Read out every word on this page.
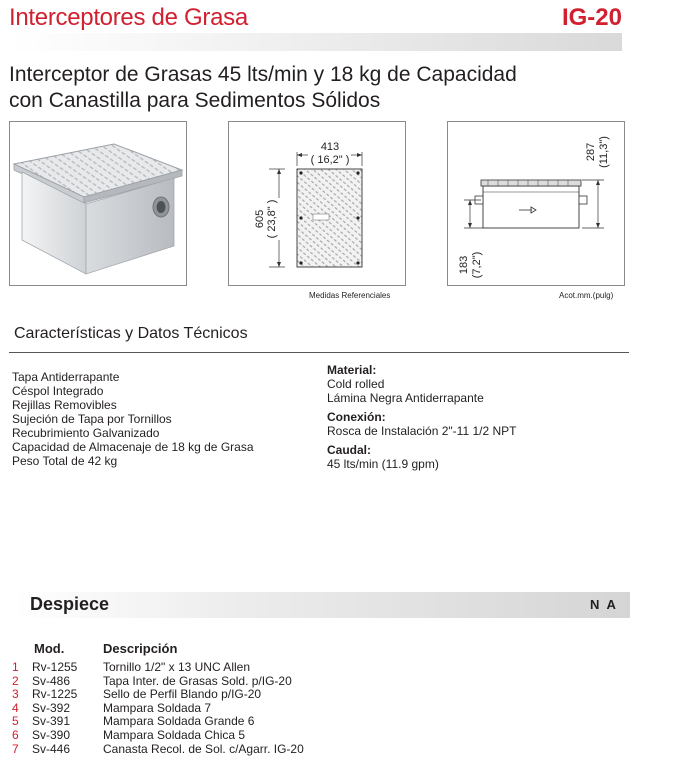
Interceptores de Grasa	IG-20
Interceptor de Grasas 45 lts/min y 18 kg de Capacidad
con Canastilla para Sedimentos Sólidos
413
( 16,2" )
605 ( 23,8" )
Medidas Referenciales
287 (11,3")
183 (7,2")
Acot.mm.(pulg)
Características y Datos Técnicos
Tapa Antiderrapante
Céspol Integrado
Rejillas Removibles
Sujeción de Tapa por Tornillos
Recubrimiento Galvanizado
Capacidad de Almacenaje de 18 kg de Grasa
Peso Total de 42 kg
Material:
Cold rolled
Lámina Negra Antiderrapante
Conexión:
Rosca de Instalación 2"-11 1/2 NPT
Caudal:
45 lts/min (11.9 gpm)
Despiece	N A
Mod.	Descripción
1	Rv-1255 Tornillo 1/2" x 13 UNC Allen
2	Sv-486	Tapa Inter. de Grasas Sold. p/IG-20
3	Rv-1225 Sello de Perfil Blando p/IG-20
4	Sv-392	Mampara Soldada 7
5	Sv-391	Mampara Soldada Grande 6
6	Sv-390	Mampara Soldada Chica 5
7	Sv-446	Canasta Recol. de Sol. c/Agarr. IG-20
